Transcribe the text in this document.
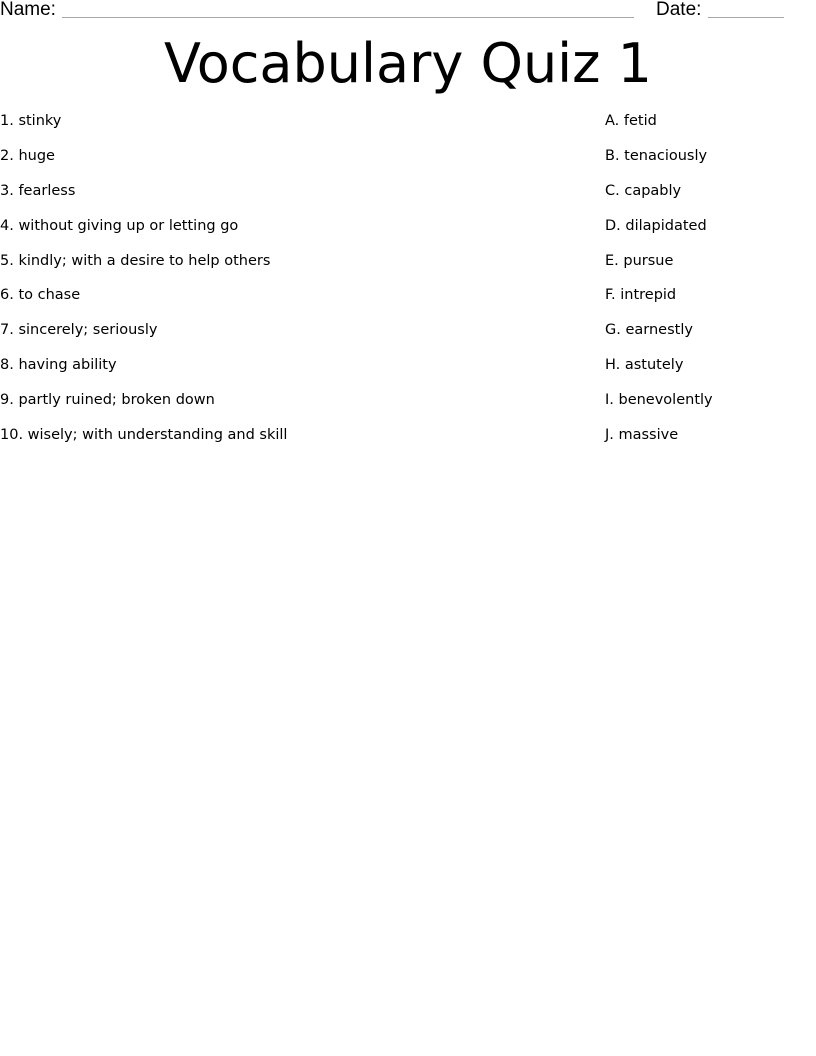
Name:	Date:
Vocabulary Quiz 1
1. stinky
2. huge
3. fearless
4. without giving up or letting go
5. kindly; with a desire to help others
6. to chase
7. sincerely; seriously
8. having ability
9. partly ruined; broken down
10. wisely; with understanding and skill
A. fetid
B. tenaciously
C. capably
D. dilapidated
E. pursue
F. intrepid
G. earnestly
H. astutely
I. benevolently
J. massive
